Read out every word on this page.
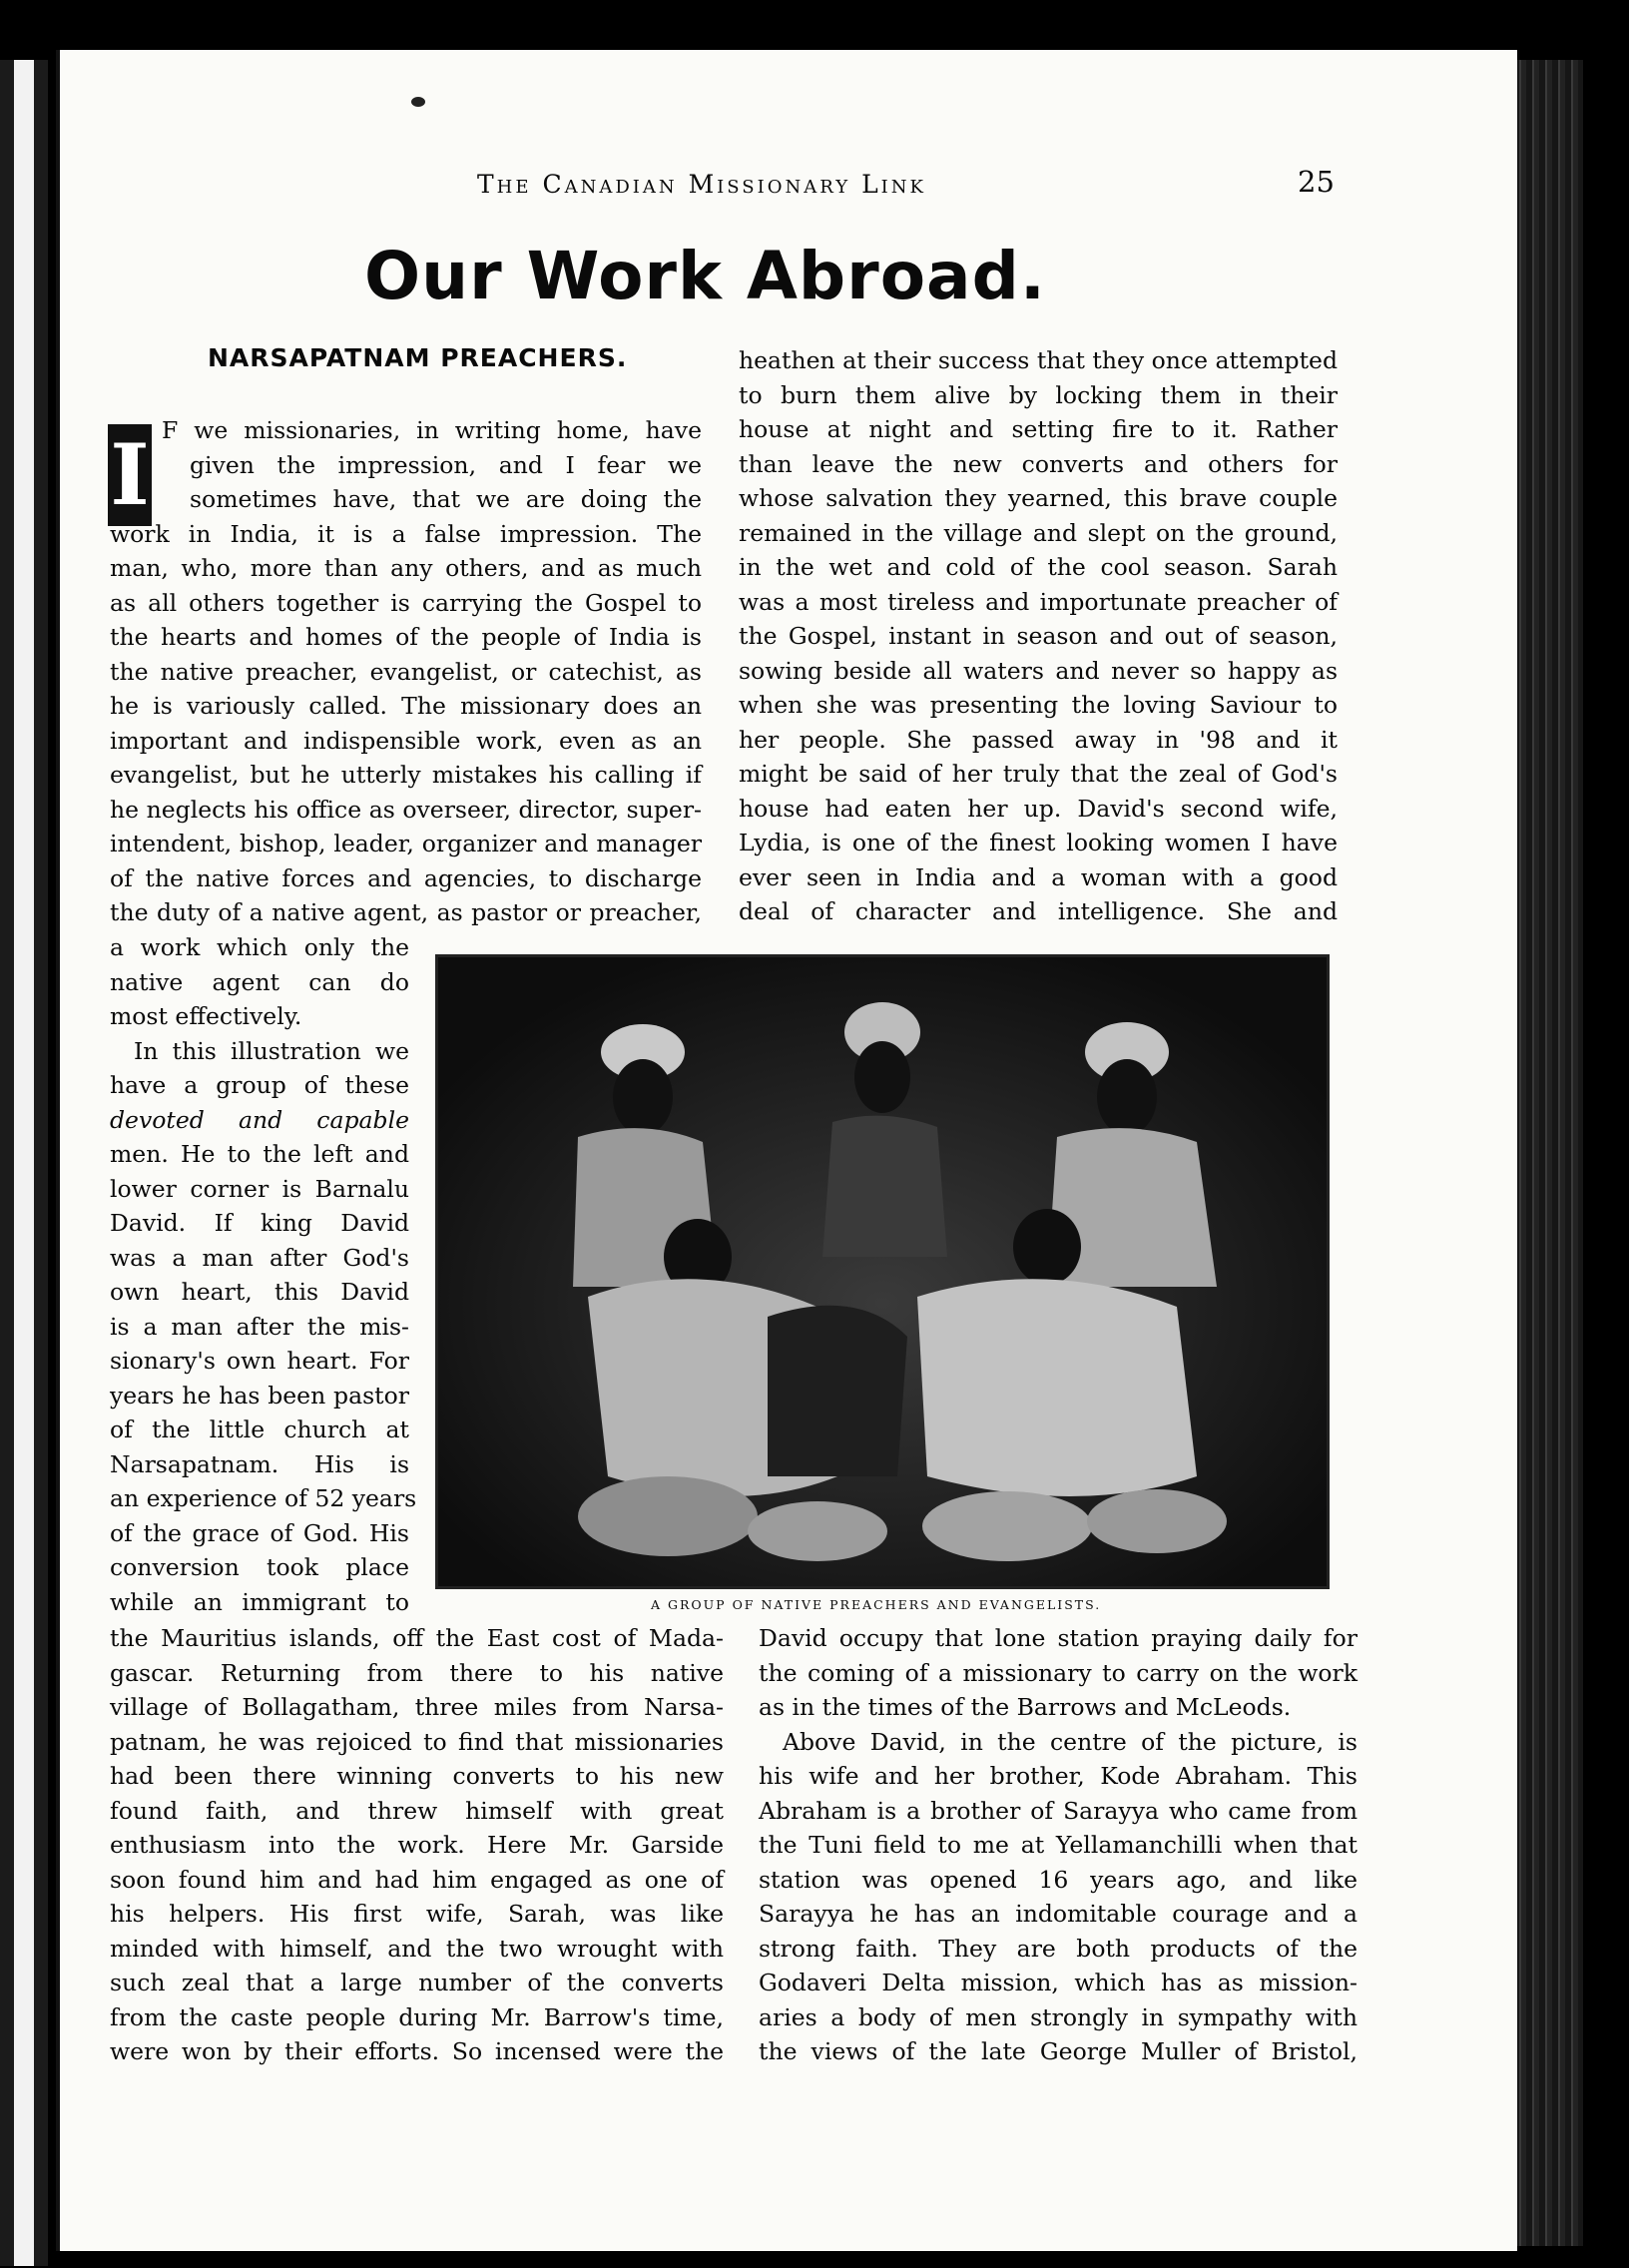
The Canadian Missionary Link	25
Our Work Abroad.
NARSAPATNAM PREACHERS.
I F we missionaries, in writing home, have
given the impression, and I fear we
sometimes have, that we are doing the
work in India, it is a false impression. The
man, who, more than any others, and as much
as all others together is carrying the Gospel to
the hearts and homes of the people of India is
the native preacher, evangelist, or catechist, as
he is variously called. The missionary does an
important and indispensible work, even as an
evangelist, but he utterly mistakes his calling if
he neglects his office as overseer, director, super-
intendent, bishop, leader, organizer and manager
of the native forces and agencies, to discharge
the duty of a native agent, as pastor or preacher,
a work which only the
native agent can do
most effectively.
In this illustration we
have a group of these
devoted and capable
men. He to the left and
lower corner is Barnalu
David. If king David
was a man after God's
own heart, this David
is a man after the mis-
sionary's own heart. For
years he has been pastor
of the little church at
Narsapatnam. His is
an experience of 52 years
of the grace of God. His
conversion took place
while an immigrant to
the Mauritius islands, off the East cost of Mada-
gascar. Returning from there to his native
village of Bollagatham, three miles from Narsa-
patnam, he was rejoiced to find that missionaries
had been there winning converts to his new
found faith, and threw himself with great
enthusiasm into the work. Here Mr. Garside
soon found him and had him engaged as one of
his helpers. His first wife, Sarah, was like
minded with himself, and the two wrought with
such zeal that a large number of the converts
from the caste people during Mr. Barrow's time,
were won by their efforts. So incensed were the
heathen at their success that they once attempted
to burn them alive by locking them in their
house at night and setting fire to it. Rather
than leave the new converts and others for
whose salvation they yearned, this brave couple
remained in the village and slept on the ground,
in the wet and cold of the cool season. Sarah
was a most tireless and importunate preacher of
the Gospel, instant in season and out of season,
sowing beside all waters and never so happy as
when she was presenting the loving Saviour to
her people. She passed away in '98 and it
might be said of her truly that the zeal of God's
house had eaten her up. David's second wife,
Lydia, is one of the finest looking women I have
ever seen in India and a woman with a good
deal of character and intelligence. She and
A GROUP OF NATIVE PREACHERS AND EVANGELISTS.
David occupy that lone station praying daily for
the coming of a missionary to carry on the work
as in the times of the Barrows and McLeods.
Above David, in the centre of the picture, is
his wife and her brother, Kode Abraham. This
Abraham is a brother of Sarayya who came from
the Tuni field to me at Yellamanchilli when that
station was opened 16 years ago, and like
Sarayya he has an indomitable courage and a
strong faith. They are both products of the
Godaveri Delta mission, which has as mission-
aries a body of men strongly in sympathy with
the views of the late George Muller of Bristol,
